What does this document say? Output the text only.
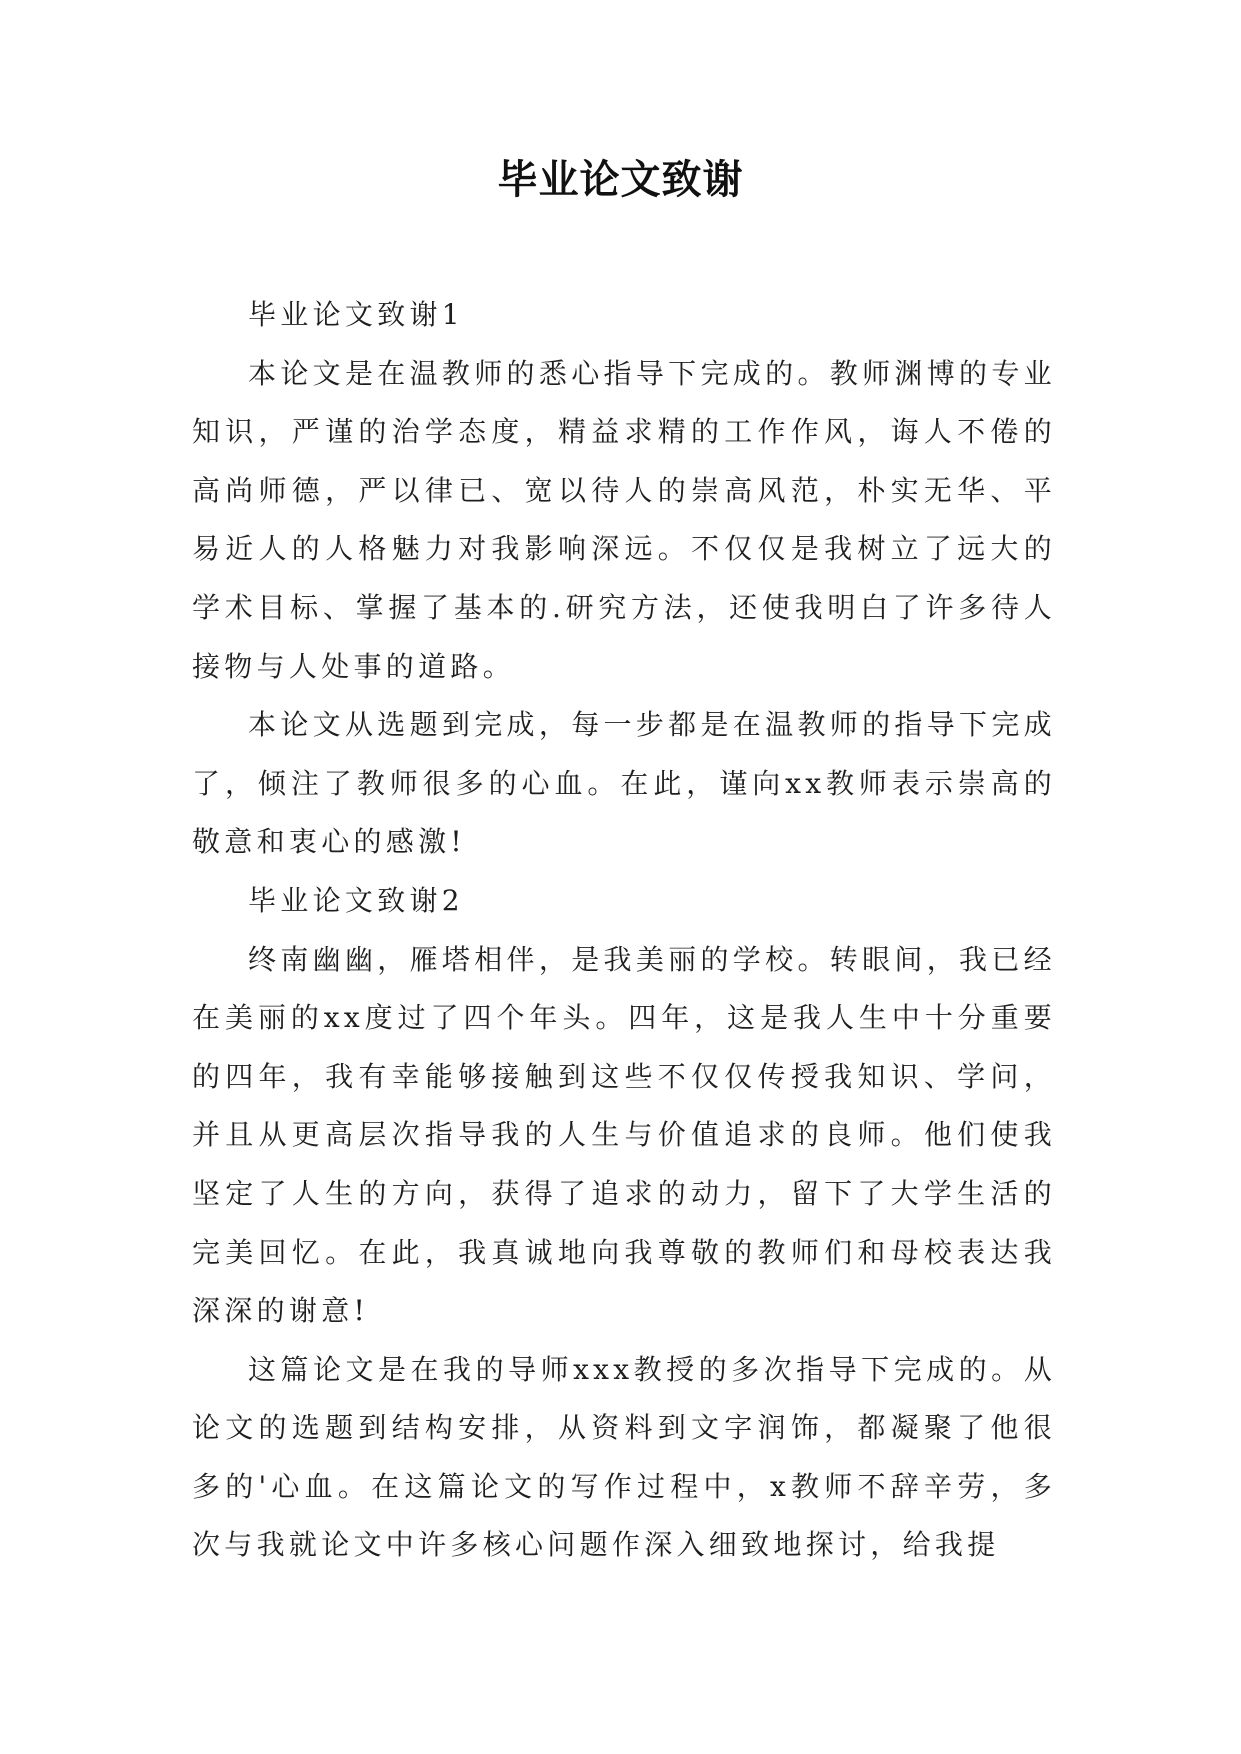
毕业论文致谢

毕业论文致谢1

本论文是在温教师的悉心指导下完成的。教师渊博的专业知识，严谨的治学态度，精益求精的工作作风，诲人不倦的高尚师德，严以律已、宽以待人的崇高风范，朴实无华、平易近人的人格魅力对我影响深远。不仅仅是我树立了远大的学术目标、掌握了基本的.研究方法，还使我明白了许多待人接物与人处事的道路。

本论文从选题到完成，每一步都是在温教师的指导下完成了，倾注了教师很多的心血。在此，谨向xx教师表示崇高的敬意和衷心的感激!

毕业论文致谢2

终南幽幽，雁塔相伴，是我美丽的学校。转眼间，我已经在美丽的xx度过了四个年头。四年，这是我人生中十分重要的四年，我有幸能够接触到这些不仅仅传授我知识、学问，并且从更高层次指导我的人生与价值追求的良师。他们使我坚定了人生的方向，获得了追求的动力，留下了大学生活的完美回忆。在此，我真诚地向我尊敬的教师们和母校表达我深深的谢意!

这篇论文是在我的导师xxx教授的多次指导下完成的。从论文的选题到结构安排，从资料到文字润饰，都凝聚了他很多的'心血。在这篇论文的写作过程中，x教师不辞辛劳，多次与我就论文中许多核心问题作深入细致地探讨，给我提
